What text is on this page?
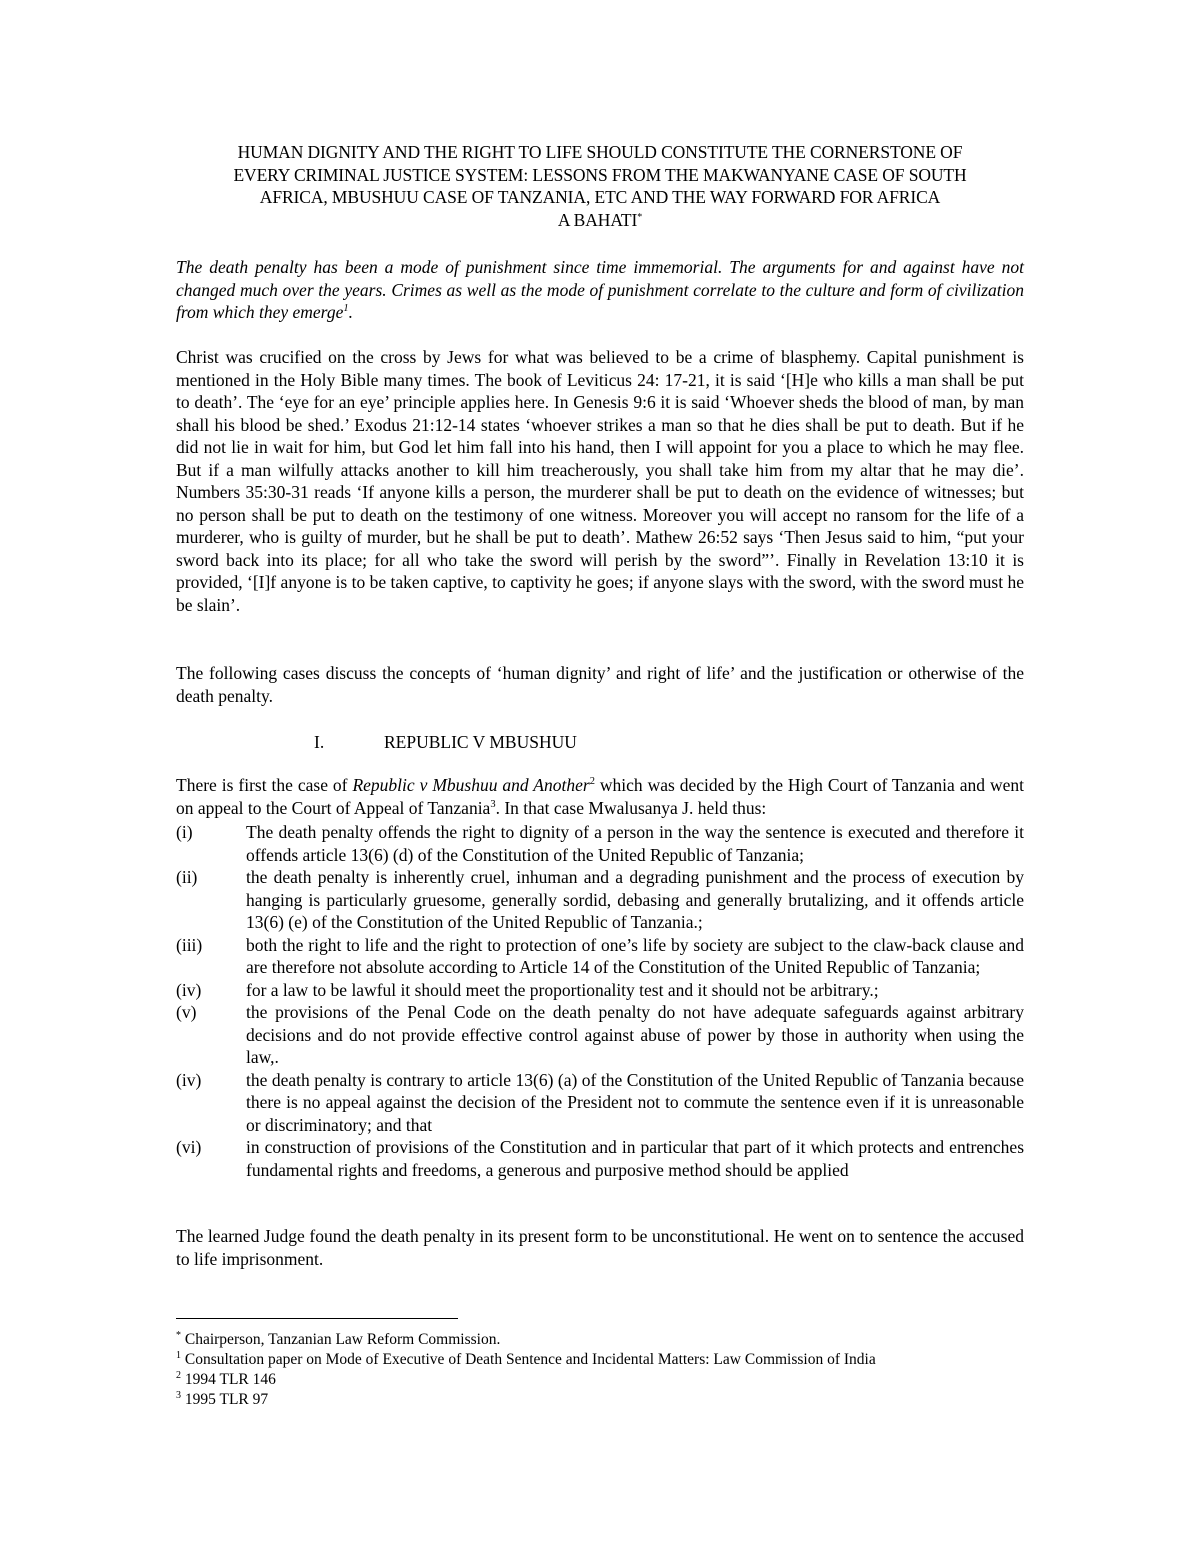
HUMAN DIGNITY AND THE RIGHT TO LIFE SHOULD CONSTITUTE THE CORNERSTONE OF
EVERY CRIMINAL JUSTICE SYSTEM: LESSONS FROM THE MAKWANYANE CASE OF SOUTH
AFRICA, MBUSHUU CASE OF TANZANIA, ETC AND THE WAY FORWARD FOR AFRICA
A BAHATI*
The death penalty has been a mode of punishment since time immemorial. The arguments for and against have not changed much over the years. Crimes as well as the mode of punishment correlate to the culture and form of civilization from which they emerge$^1$.
Christ was crucified on the cross by Jews for what was believed to be a crime of blasphemy. Capital punishment is mentioned in the Holy Bible many times. The book of Leviticus 24: 17-21, it is said ‘[H]e who kills a man shall be put to death’. The ‘eye for an eye’ principle applies here. In Genesis 9:6 it is said ‘Whoever sheds the blood of man, by man shall his blood be shed.’ Exodus 21:12-14 states ‘whoever strikes a man so that he dies shall be put to death. But if he did not lie in wait for him, but God let him fall into his hand, then I will appoint for you a place to which he may flee. But if a man wilfully attacks another to kill him treacherously, you shall take him from my altar that he may die’. Numbers 35:30-31 reads ‘If anyone kills a person, the murderer shall be put to death on the evidence of witnesses; but no person shall be put to death on the testimony of one witness. Moreover you will accept no ransom for the life of a murderer, who is guilty of murder, but he shall be put to death’. Mathew 26:52 says ‘Then Jesus said to him, “put your sword back into its place; for all who take the sword will perish by the sword”’. Finally in Revelation 13:10 it is provided, ‘[I]f anyone is to be taken captive, to captivity he goes; if anyone slays with the sword, with the sword must he be slain’.
The following cases discuss the concepts of ‘human dignity’ and right of life’ and the justification or otherwise of the death penalty.
I.	REPUBLIC V MBUSHUU
There is first the case of Republic v Mbushuu and Another$^2$ which was decided by the High Court of Tanzania and went on appeal to the Court of Appeal of Tanzania$^3$. In that case Mwalusanya J. held thus:
(i)	The death penalty offends the right to dignity of a person in the way the sentence is executed and therefore it offends article 13(6) (d) of the Constitution of the United Republic of Tanzania;
(ii)	the death penalty is inherently cruel, inhuman and a degrading punishment and the process of execution by hanging is particularly gruesome, generally sordid, debasing and generally brutalizing, and it offends article 13(6) (e) of the Constitution of the United Republic of Tanzania.;
(iii)	both the right to life and the right to protection of one’s life by society are subject to the claw-back clause and are therefore not absolute according to Article 14 of the Constitution of the United Republic of Tanzania;
(iv)	for a law to be lawful it should meet the proportionality test and it should not be arbitrary.;
(v)	the provisions of the Penal Code on the death penalty do not have adequate safeguards against arbitrary decisions and do not provide effective control against abuse of power by those in authority when using the law,.
(iv)	the death penalty is contrary to article 13(6) (a) of the Constitution of the United Republic of Tanzania because there is no appeal against the decision of the President not to commute the sentence even if it is unreasonable or discriminatory; and that
(vi)	in construction of provisions of the Constitution and in particular that part of it which protects and entrenches fundamental rights and freedoms, a generous and purposive method should be applied
The learned Judge found the death penalty in its present form to be unconstitutional. He went on to sentence the accused to life imprisonment.
* Chairperson, Tanzanian Law Reform Commission.
$^1$ Consultation paper on Mode of Executive of Death Sentence and Incidental Matters: Law Commission of India
$^2$ 1994 TLR 146
$^3$ 1995 TLR 97
